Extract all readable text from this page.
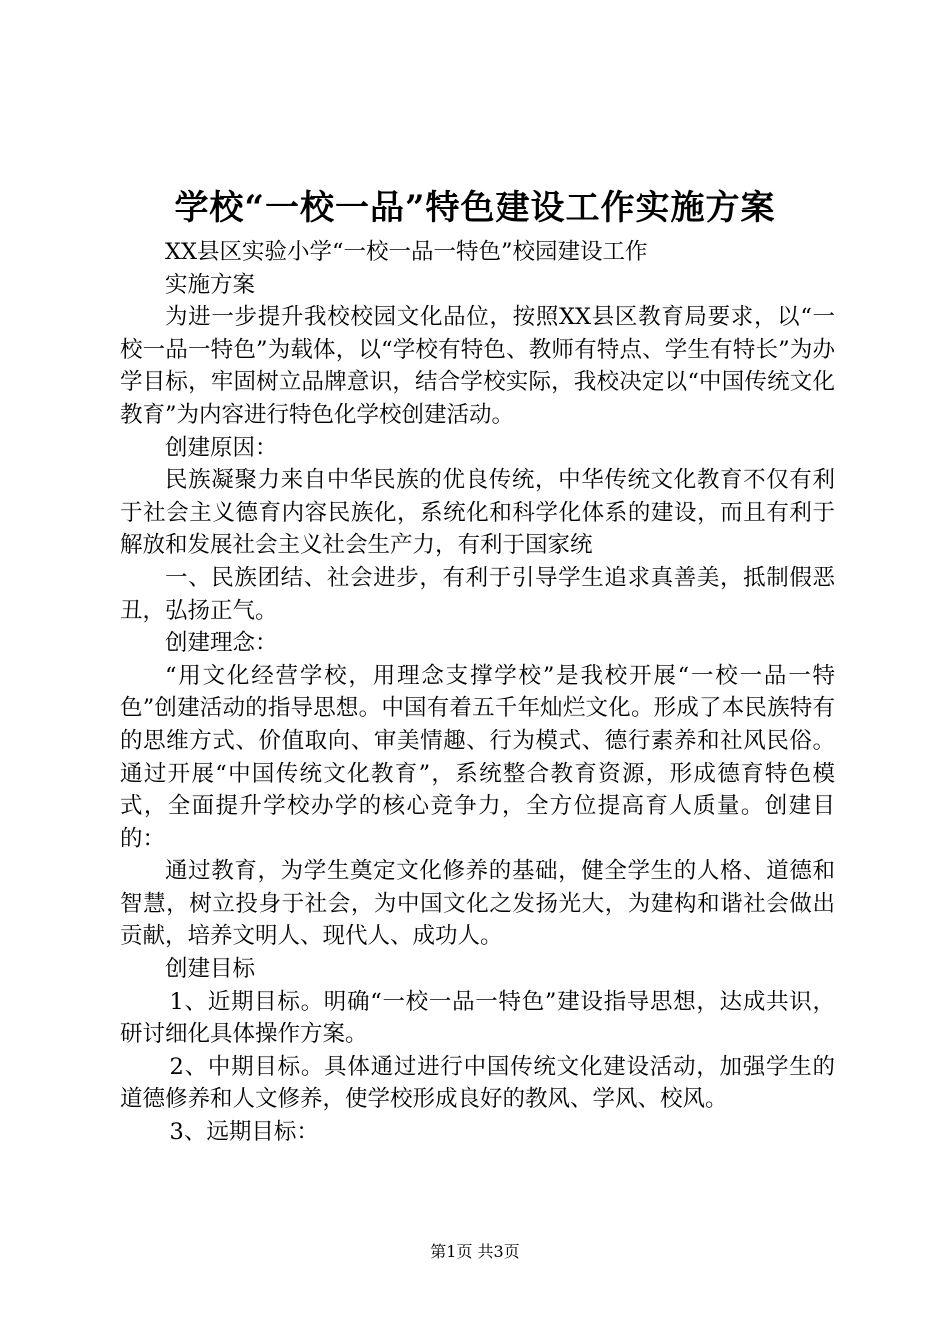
学校“一校一品”特色建设工作实施方案

XX县区实验小学“一校一品一特色”校园建设工作

实施方案

为进一步提升我校校园文化品位，按照XX县区教育局要求，以“一校一品一特色”为载体，以“学校有特色、教师有特点、学生有特长”为办学目标，牢固树立品牌意识，结合学校实际，我校决定以“中国传统文化教育”为内容进行特色化学校创建活动。

创建原因：

民族凝聚力来自中华民族的优良传统，中华传统文化教育不仅有利于社会主义德育内容民族化，系统化和科学化体系的建设，而且有利于解放和发展社会主义社会生产力，有利于国家统

一、民族团结、社会进步，有利于引导学生追求真善美，抵制假恶丑，弘扬正气。

创建理念：

“用文化经营学校，用理念支撑学校”是我校开展“一校一品一特色”创建活动的指导思想。中国有着五千年灿烂文化。形成了本民族特有的思维方式、价值取向、审美情趣、行为模式、德行素养和社风民俗。通过开展“中国传统文化教育”，系统整合教育资源，形成德育特色模式，全面提升学校办学的核心竞争力，全方位提高育人质量。创建目的：

通过教育，为学生奠定文化修养的基础，健全学生的人格、道德和智慧，树立投身于社会，为中国文化之发扬光大，为建构和谐社会做出贡献，培养文明人、现代人、成功人。

创建目标

1、近期目标。明确“一校一品一特色”建设指导思想，达成共识，研讨细化具体操作方案。

2、中期目标。具体通过进行中国传统文化建设活动，加强学生的道德修养和人文修养，使学校形成良好的教风、学风、校风。

3、远期目标：

第1页 共3页
